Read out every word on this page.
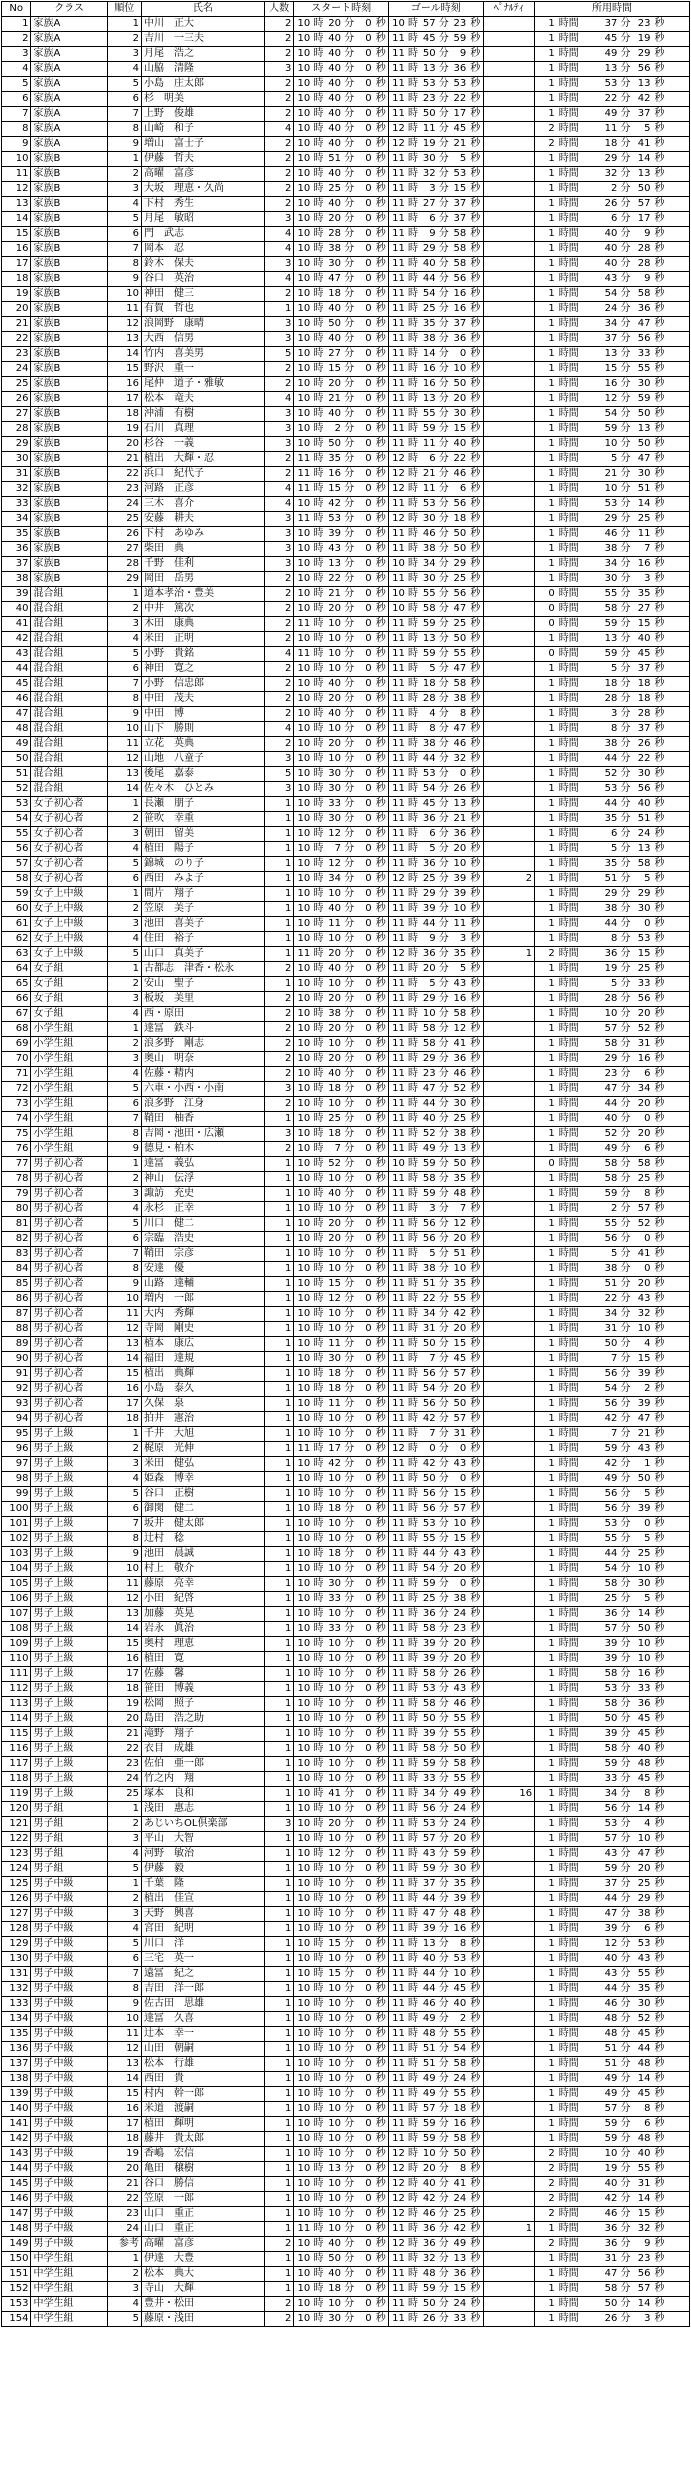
No	クラス	順位	氏名	人数	スタート時刻						ゴール時刻						ﾍﾟﾅﾙﾃｨ	所用時間					
1	家族A	1	中川　正大	2	10	時	20	分	0	秒	10	時	57	分	23	秒		1	時間	37	分	23	秒
2	家族A	2	吉川　一三夫	2	10	時	40	分	0	秒	11	時	45	分	59	秒		1	時間	45	分	19	秒
3	家族A	3	月尾　浩之	2	10	時	40	分	0	秒	11	時	50	分	9	秒		1	時間	49	分	29	秒
4	家族A	4	山脇　清隆	3	10	時	40	分	0	秒	11	時	13	分	36	秒		1	時間	13	分	56	秒
5	家族A	5	小島　庄太郎	2	10	時	40	分	0	秒	11	時	53	分	53	秒		1	時間	53	分	13	秒
6	家族A	6	杉　明美	2	10	時	40	分	0	秒	11	時	23	分	22	秒		1	時間	22	分	42	秒
7	家族A	7	上野　俊雄	2	10	時	40	分	0	秒	11	時	50	分	17	秒		1	時間	49	分	37	秒
8	家族A	8	山崎　和子	4	10	時	40	分	0	秒	12	時	11	分	45	秒		2	時間	11	分	5	秒
9	家族A	9	増山　富士子	2	10	時	40	分	0	秒	12	時	19	分	21	秒		2	時間	18	分	41	秒
10	家族B	1	伊藤　哲夫	2	10	時	51	分	0	秒	11	時	30	分	5	秒		1	時間	29	分	14	秒
11	家族B	2	高曜　富彦	2	10	時	40	分	0	秒	11	時	32	分	53	秒		1	時間	32	分	13	秒
12	家族B	3	大坂　理恵・久尚	2	10	時	25	分	0	秒	11	時	3	分	15	秒		1	時間	2	分	50	秒
13	家族B	4	下村　秀生	2	10	時	40	分	0	秒	11	時	27	分	37	秒		1	時間	26	分	57	秒
14	家族B	5	月尾　敏昭	3	10	時	20	分	0	秒	11	時	6	分	37	秒		1	時間	6	分	17	秒
15	家族B	6	門　武志	4	10	時	28	分	0	秒	11	時	9	分	58	秒		1	時間	40	分	9	秒
16	家族B	7	岡本　忍	4	10	時	38	分	0	秒	11	時	29	分	58	秒		1	時間	40	分	28	秒
17	家族B	8	鈴木　保夫	3	10	時	30	分	0	秒	11	時	40	分	58	秒		1	時間	40	分	28	秒
18	家族B	9	谷口　英治	4	10	時	47	分	0	秒	11	時	44	分	56	秒		1	時間	43	分	9	秒
19	家族B	10	神田　健三	2	10	時	18	分	0	秒	11	時	54	分	16	秒		1	時間	54	分	58	秒
20	家族B	11	有賀　哲也	1	10	時	40	分	0	秒	11	時	25	分	16	秒		1	時間	24	分	36	秒
21	家族B	12	浪岡野　康晴	3	10	時	50	分	0	秒	11	時	35	分	37	秒		1	時間	34	分	47	秒
22	家族B	13	大西　信男	3	10	時	40	分	0	秒	11	時	38	分	36	秒		1	時間	37	分	56	秒
23	家族B	14	竹内　喜美男	5	10	時	27	分	0	秒	11	時	14	分	0	秒		1	時間	13	分	33	秒
24	家族B	15	野沢　重一	2	10	時	15	分	0	秒	11	時	16	分	10	秒		1	時間	15	分	55	秒
25	家族B	16	尾仲　道子・雅敏	2	10	時	20	分	0	秒	11	時	16	分	50	秒		1	時間	16	分	30	秒
26	家族B	17	松本　竜夫	4	10	時	21	分	0	秒	11	時	13	分	20	秒		1	時間	12	分	59	秒
27	家族B	18	沖浦　有樹	3	10	時	40	分	0	秒	11	時	55	分	30	秒		1	時間	54	分	50	秒
28	家族B	19	石川　真理	3	10	時	2	分	0	秒	11	時	59	分	15	秒		1	時間	59	分	13	秒
29	家族B	20	杉谷　一義	3	10	時	50	分	0	秒	11	時	11	分	40	秒		1	時間	10	分	50	秒
30	家族B	21	植出　大輝・忍	2	11	時	35	分	0	秒	12	時	6	分	22	秒		1	時間	5	分	47	秒
31	家族B	22	浜口　紀代子	2	11	時	16	分	0	秒	12	時	21	分	46	秒		1	時間	21	分	30	秒
32	家族B	23	河路　正彦	4	11	時	15	分	0	秒	12	時	11	分	6	秒		1	時間	10	分	51	秒
33	家族B	24	三木　喜介	4	10	時	42	分	0	秒	11	時	53	分	56	秒		1	時間	53	分	14	秒
34	家族B	25	安藤　耕夫	3	11	時	53	分	0	秒	12	時	30	分	18	秒		1	時間	29	分	25	秒
35	家族B	26	下村　あゆみ	3	10	時	39	分	0	秒	11	時	46	分	50	秒		1	時間	46	分	11	秒
36	家族B	27	柴田　典	3	10	時	43	分	0	秒	11	時	38	分	50	秒		1	時間	38	分	7	秒
37	家族B	28	千野　佳利	3	10	時	13	分	0	秒	10	時	34	分	29	秒		1	時間	34	分	16	秒
38	家族B	29	岡田　岳男	2	10	時	22	分	0	秒	11	時	30	分	25	秒		1	時間	30	分	3	秒
39	混合組	1	道本孝治・豊美	2	10	時	21	分	0	秒	10	時	55	分	56	秒		0	時間	55	分	35	秒
40	混合組	2	中井　篤次	2	10	時	20	分	0	秒	10	時	58	分	47	秒		0	時間	58	分	27	秒
41	混合組	3	木田　康典	2	11	時	10	分	0	秒	11	時	59	分	25	秒		0	時間	59	分	15	秒
42	混合組	4	米田　正明	2	10	時	10	分	0	秒	11	時	13	分	50	秒		1	時間	13	分	40	秒
43	混合組	5	小野　貴銘	4	11	時	10	分	0	秒	11	時	59	分	55	秒		0	時間	59	分	45	秒
44	混合組	6	神田　寛之	2	10	時	10	分	0	秒	11	時	5	分	47	秒		1	時間	5	分	37	秒
45	混合組	7	小野　信忠郎	2	10	時	40	分	0	秒	11	時	18	分	58	秒		1	時間	18	分	18	秒
46	混合組	8	中田　茂夫	2	10	時	20	分	0	秒	11	時	28	分	38	秒		1	時間	28	分	18	秒
47	混合組	9	中田　博	2	10	時	40	分	0	秒	11	時	4	分	8	秒		1	時間	3	分	28	秒
48	混合組	10	山下　勝則	4	10	時	10	分	0	秒	11	時	8	分	47	秒		1	時間	8	分	37	秒
49	混合組	11	立花　英典	2	10	時	20	分	0	秒	11	時	38	分	46	秒		1	時間	38	分	26	秒
50	混合組	12	山地　八童子	3	10	時	10	分	0	秒	11	時	44	分	32	秒		1	時間	44	分	22	秒
51	混合組	13	後尾　嘉泰	5	10	時	30	分	0	秒	11	時	53	分	0	秒		1	時間	52	分	30	秒
52	混合組	14	佐々木　ひとみ	3	10	時	30	分	0	秒	11	時	54	分	26	秒		1	時間	53	分	56	秒
53	女子初心者	1	長瀬　朋子	1	10	時	33	分	0	秒	11	時	45	分	13	秒		1	時間	44	分	40	秒
54	女子初心者	2	笹吹　幸重	1	10	時	30	分	0	秒	11	時	36	分	21	秒		1	時間	35	分	51	秒
55	女子初心者	3	朝田　留美	1	10	時	12	分	0	秒	11	時	6	分	36	秒		1	時間	6	分	24	秒
56	女子初心者	4	植田　陽子	1	10	時	7	分	0	秒	11	時	5	分	20	秒		1	時間	5	分	13	秒
57	女子初心者	5	錦城　のり子	1	10	時	12	分	0	秒	11	時	36	分	10	秒		1	時間	35	分	58	秒
58	女子初心者	6	西田　みよ子	1	10	時	34	分	0	秒	12	時	25	分	39	秒	2	1	時間	51	分	5	秒
59	女子上中級	1	間片　翔子	1	10	時	10	分	0	秒	11	時	29	分	39	秒		1	時間	29	分	29	秒
60	女子上中級	2	笠原　美子	1	10	時	40	分	0	秒	11	時	39	分	10	秒		1	時間	38	分	30	秒
61	女子上中級	3	池田　喜美子	1	10	時	11	分	0	秒	11	時	44	分	11	秒		1	時間	44	分	0	秒
62	女子上中級	4	住田　裕子	1	10	時	10	分	0	秒	11	時	9	分	3	秒		1	時間	8	分	53	秒
63	女子上中級	5	山口　真美子	1	11	時	20	分	0	秒	12	時	36	分	35	秒	1	2	時間	36	分	15	秒
64	女子組	1	古都志　津香・松永	2	10	時	40	分	0	秒	11	時	20	分	5	秒		1	時間	19	分	25	秒
65	女子組	2	安山　聖子	1	10	時	10	分	0	秒	11	時	5	分	43	秒		1	時間	5	分	33	秒
66	女子組	3	板坂　美里	2	10	時	20	分	0	秒	11	時	29	分	16	秒		1	時間	28	分	56	秒
67	女子組	4	西・原田	2	10	時	38	分	0	秒	11	時	10	分	58	秒		1	時間	10	分	20	秒
68	小学生組	1	達冨　鉄斗	2	10	時	20	分	0	秒	11	時	58	分	12	秒		1	時間	57	分	52	秒
69	小学生組	2	浪多野　剛志	2	10	時	10	分	0	秒	11	時	58	分	41	秒		1	時間	58	分	31	秒
70	小学生組	3	奥山　明奈	2	10	時	20	分	0	秒	11	時	29	分	36	秒		1	時間	29	分	16	秒
71	小学生組	4	佐藤・精内	2	10	時	40	分	0	秒	11	時	23	分	46	秒		1	時間	23	分	6	秒
72	小学生組	5	六車・小西・小南	3	10	時	18	分	0	秒	11	時	47	分	52	秒		1	時間	47	分	34	秒
73	小学生組	6	浪多野　江身	2	10	時	10	分	0	秒	11	時	44	分	30	秒		1	時間	44	分	20	秒
74	小学生組	7	鞘田　柚香	1	10	時	25	分	0	秒	11	時	40	分	25	秒		1	時間	40	分	0	秒
75	小学生組	8	吉岡・池田・広瀬	3	10	時	18	分	0	秒	11	時	52	分	38	秒		1	時間	52	分	20	秒
76	小学生組	9	德見・柏木	2	10	時	7	分	0	秒	11	時	49	分	13	秒		1	時間	49	分	6	秒
77	男子初心者	1	達冨　義弘	1	10	時	52	分	0	秒	10	時	59	分	50	秒		0	時間	58	分	58	秒
78	男子初心者	2	神山　伝浮	1	10	時	10	分	0	秒	11	時	58	分	35	秒		1	時間	58	分	25	秒
79	男子初心者	3	諏訪　充史	1	10	時	40	分	0	秒	11	時	59	分	48	秒		1	時間	59	分	8	秒
80	男子初心者	4	永杉　正幸	1	10	時	10	分	0	秒	11	時	3	分	7	秒		1	時間	2	分	57	秒
81	男子初心者	5	川口　健二	1	10	時	20	分	0	秒	11	時	56	分	12	秒		1	時間	55	分	52	秒
82	男子初心者	6	宗臨　浩史	1	10	時	20	分	0	秒	11	時	56	分	20	秒		1	時間	56	分	0	秒
83	男子初心者	7	鞘田　宗彦	1	10	時	10	分	0	秒	11	時	5	分	51	秒		1	時間	5	分	41	秒
84	男子初心者	8	安達　優	1	10	時	10	分	0	秒	11	時	38	分	10	秒		1	時間	38	分	0	秒
85	男子初心者	9	山路　達輔	1	10	時	15	分	0	秒	11	時	51	分	35	秒		1	時間	51	分	20	秒
86	男子初心者	10	増内　一郎	1	10	時	12	分	0	秒	11	時	22	分	55	秒		1	時間	22	分	43	秒
87	男子初心者	11	大内　秀輝	1	10	時	10	分	0	秒	11	時	34	分	42	秒		1	時間	34	分	32	秒
88	男子初心者	12	寺岡　剛史	1	10	時	10	分	0	秒	11	時	31	分	20	秒		1	時間	31	分	10	秒
89	男子初心者	13	植本　康広	1	10	時	11	分	0	秒	11	時	50	分	15	秒		1	時間	50	分	4	秒
90	男子初心者	14	福田　達規	1	10	時	30	分	0	秒	11	時	7	分	45	秒		1	時間	7	分	15	秒
91	男子初心者	15	植出　典輝	1	10	時	18	分	0	秒	11	時	56	分	57	秒		1	時間	56	分	39	秒
92	男子初心者	16	小島　泰久	1	10	時	18	分	0	秒	11	時	54	分	20	秒		1	時間	54	分	2	秒
93	男子初心者	17	久保　泉	1	10	時	11	分	0	秒	11	時	56	分	50	秒		1	時間	56	分	39	秒
94	男子初心者	18	拍井　憲治	1	10	時	10	分	0	秒	11	時	42	分	57	秒		1	時間	42	分	47	秒
95	男子上級	1	千井　大旭	1	10	時	10	分	0	秒	11	時	7	分	31	秒		1	時間	7	分	21	秒
96	男子上級	2	梶原　光伸	1	11	時	17	分	0	秒	12	時	0	分	0	秒		1	時間	59	分	43	秒
97	男子上級	3	米田　健弘	1	10	時	42	分	0	秒	11	時	42	分	43	秒		1	時間	42	分	1	秒
98	男子上級	4	姫森　博幸	1	10	時	10	分	0	秒	11	時	50	分	0	秒		1	時間	49	分	50	秒
99	男子上級	5	谷口　正樹	1	10	時	10	分	0	秒	11	時	56	分	15	秒		1	時間	56	分	5	秒
100	男子上級	6	御関　健二	1	10	時	18	分	0	秒	11	時	56	分	57	秒		1	時間	56	分	39	秒
101	男子上級	7	坂井　健太郎	1	10	時	10	分	0	秒	11	時	53	分	10	秒		1	時間	53	分	0	秒
102	男子上級	8	辻村　稔	1	10	時	10	分	0	秒	11	時	55	分	15	秒		1	時間	55	分	5	秒
103	男子上級	9	池田　晨誠	1	10	時	18	分	0	秒	11	時	44	分	43	秒		1	時間	44	分	25	秒
104	男子上級	10	村上　敬介	1	10	時	10	分	0	秒	11	時	54	分	20	秒		1	時間	54	分	10	秒
105	男子上級	11	藤原　亮幸	1	10	時	30	分	0	秒	11	時	59	分	0	秒		1	時間	58	分	30	秒
106	男子上級	12	小田　紀啓	1	10	時	33	分	0	秒	11	時	25	分	38	秒		1	時間	25	分	5	秒
107	男子上級	13	加藤　英晃	1	10	時	10	分	0	秒	11	時	36	分	24	秒		1	時間	36	分	14	秒
108	男子上級	14	岩永　眞治	1	10	時	33	分	0	秒	11	時	58	分	23	秒		1	時間	57	分	50	秒
109	男子上級	15	奥村　理恵	1	10	時	10	分	0	秒	11	時	39	分	20	秒		1	時間	39	分	10	秒
110	男子上級	16	植田　寛	1	10	時	10	分	0	秒	11	時	39	分	20	秒		1	時間	39	分	10	秒
111	男子上級	17	佐藤　馨	1	10	時	10	分	0	秒	11	時	58	分	26	秒		1	時間	58	分	16	秒
112	男子上級	18	笹田　博義	1	10	時	10	分	0	秒	11	時	53	分	43	秒		1	時間	53	分	33	秒
113	男子上級	19	松岡　照子	1	10	時	10	分	0	秒	11	時	58	分	46	秒		1	時間	58	分	36	秒
114	男子上級	20	島田　浩之助	1	10	時	10	分	0	秒	11	時	50	分	55	秒		1	時間	50	分	45	秒
115	男子上級	21	滝野　翔子	1	10	時	10	分	0	秒	11	時	39	分	55	秒		1	時間	39	分	45	秒
116	男子上級	22	衣目　成雄	1	10	時	10	分	0	秒	11	時	58	分	50	秒		1	時間	58	分	40	秒
117	男子上級	23	佐伯　亜一郎	1	10	時	10	分	0	秒	11	時	59	分	58	秒		1	時間	59	分	48	秒
118	男子上級	24	竹之内　翔	1	10	時	10	分	0	秒	11	時	33	分	55	秒		1	時間	33	分	45	秒
119	男子上級	25	塚本　良和	1	10	時	41	分	0	秒	11	時	34	分	49	秒	16	1	時間	34	分	8	秒
120	男子組	1	浅田　惠志	1	10	時	10	分	0	秒	11	時	56	分	24	秒		1	時間	56	分	14	秒
121	男子組	2	あじいちOL倶楽部	3	10	時	20	分	0	秒	11	時	53	分	24	秒		1	時間	53	分	4	秒
122	男子組	3	平山　大智	1	10	時	10	分	0	秒	11	時	57	分	20	秒		1	時間	57	分	10	秒
123	男子組	4	河野　敏治	1	10	時	12	分	0	秒	11	時	43	分	59	秒		1	時間	43	分	47	秒
124	男子組	5	伊藤　毅	1	10	時	10	分	0	秒	11	時	59	分	30	秒		1	時間	59	分	20	秒
125	男子中級	1	千葉　隆	1	10	時	10	分	0	秒	11	時	37	分	35	秒		1	時間	37	分	25	秒
126	男子中級	2	植出　佳宣	1	10	時	10	分	0	秒	11	時	44	分	39	秒		1	時間	44	分	29	秒
127	男子中級	3	天野　興喜	1	10	時	10	分	0	秒	11	時	47	分	48	秒		1	時間	47	分	38	秒
128	男子中級	4	宮田　紀明	1	10	時	10	分	0	秒	11	時	39	分	16	秒		1	時間	39	分	6	秒
129	男子中級	5	川口　洋	1	10	時	15	分	0	秒	11	時	13	分	8	秒		1	時間	12	分	53	秒
130	男子中級	6	三宅　英一	1	10	時	10	分	0	秒	11	時	40	分	53	秒		1	時間	40	分	43	秒
131	男子中級	7	遠冨　紀之	1	10	時	15	分	0	秒	11	時	44	分	10	秒		1	時間	43	分	55	秒
132	男子中級	8	吉田　洋一郎	1	10	時	10	分	0	秒	11	時	44	分	45	秒		1	時間	44	分	35	秒
133	男子中級	9	佐古田　思雄	1	10	時	10	分	0	秒	11	時	46	分	40	秒		1	時間	46	分	30	秒
134	男子中級	10	達冨　久喜	1	10	時	10	分	0	秒	11	時	49	分	2	秒		1	時間	48	分	52	秒
135	男子中級	11	辻本　幸一	1	10	時	10	分	0	秒	11	時	48	分	55	秒		1	時間	48	分	45	秒
136	男子中級	12	山田　朝嗣	1	10	時	10	分	0	秒	11	時	51	分	54	秒		1	時間	51	分	44	秒
137	男子中級	13	松本　行雄	1	10	時	10	分	0	秒	11	時	51	分	58	秒		1	時間	51	分	48	秒
138	男子中級	14	西田　貴	1	10	時	10	分	0	秒	11	時	49	分	24	秒		1	時間	49	分	14	秒
139	男子中級	15	村内　幹一郎	1	10	時	10	分	0	秒	11	時	49	分	55	秒		1	時間	49	分	45	秒
140	男子中級	16	米道　渡嗣	1	10	時	10	分	0	秒	11	時	57	分	18	秒		1	時間	57	分	8	秒
141	男子中級	17	植田　輝明	1	10	時	10	分	0	秒	11	時	59	分	16	秒		1	時間	59	分	6	秒
142	男子中級	18	藤井　貴太郎	1	10	時	10	分	0	秒	11	時	59	分	58	秒		1	時間	59	分	48	秒
143	男子中級	19	香嶋　宏信	1	10	時	10	分	0	秒	12	時	10	分	50	秒		2	時間	10	分	40	秒
144	男子中級	20	亀田　穣樹	1	10	時	13	分	0	秒	12	時	20	分	8	秒		2	時間	19	分	55	秒
145	男子中級	21	谷口　勝信	1	10	時	10	分	0	秒	12	時	40	分	41	秒		2	時間	40	分	31	秒
146	男子中級	22	笠原　一郎	1	10	時	10	分	0	秒	12	時	42	分	24	秒		2	時間	42	分	14	秒
147	男子中級	23	山口　重正	1	10	時	10	分	0	秒	12	時	46	分	25	秒		2	時間	46	分	15	秒
148	男子中級	24	山口　重正	1	11	時	10	分	0	秒	11	時	36	分	42	秒	1	1	時間	36	分	32	秒
149	男子中級	参考	高曜　富彦	2	10	時	40	分	0	秒	12	時	36	分	49	秒		2	時間	36	分	9	秒
150	中学生組	1	伊達　大豊	1	10	時	50	分	0	秒	11	時	32	分	13	秒		1	時間	31	分	23	秒
151	中学生組	2	松本　典大	1	10	時	40	分	0	秒	11	時	48	分	36	秒		1	時間	47	分	56	秒
152	中学生組	3	寺山　大輝	1	10	時	18	分	0	秒	11	時	59	分	15	秒		1	時間	58	分	57	秒
153	中学生組	4	豊井・松田	2	10	時	10	分	0	秒	11	時	50	分	24	秒		1	時間	50	分	14	秒
154	中学生組	5	藤原・浅田	2	10	時	30	分	0	秒	11	時	26	分	33	秒		1	時間	26	分	3	秒
